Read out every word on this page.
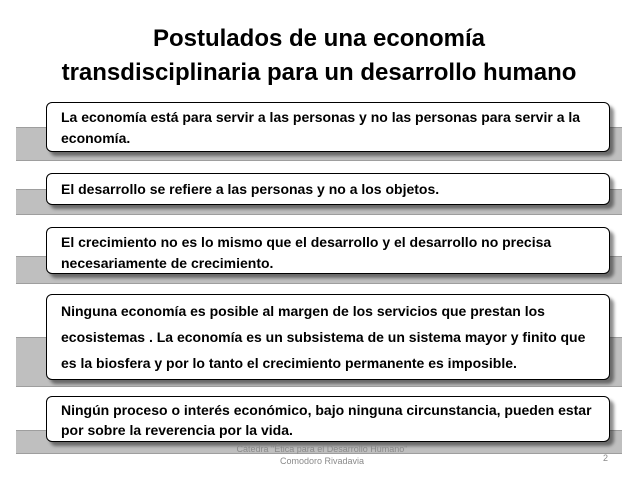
Postulados de una economía
transdisciplinaria para un desarrollo humano
La economía está para servir a las personas y no las personas para servir a la economía.
El desarrollo se refiere a las personas y no a los objetos.
El crecimiento no es lo mismo que el desarrollo y el desarrollo no precisa necesariamente de crecimiento.
Ninguna economía es posible al margen de los servicios que prestan los ecosistemas . La economía es un subsistema de un sistema mayor y finito que es la biosfera y por lo tanto el crecimiento permanente es imposible.
Ningún proceso o interés económico, bajo ninguna circunstancia, pueden estar por sobre la reverencia por la vida.
Cátedra "Ética para el Desarrollo Humano"
Comodoro Rivadavia	2
